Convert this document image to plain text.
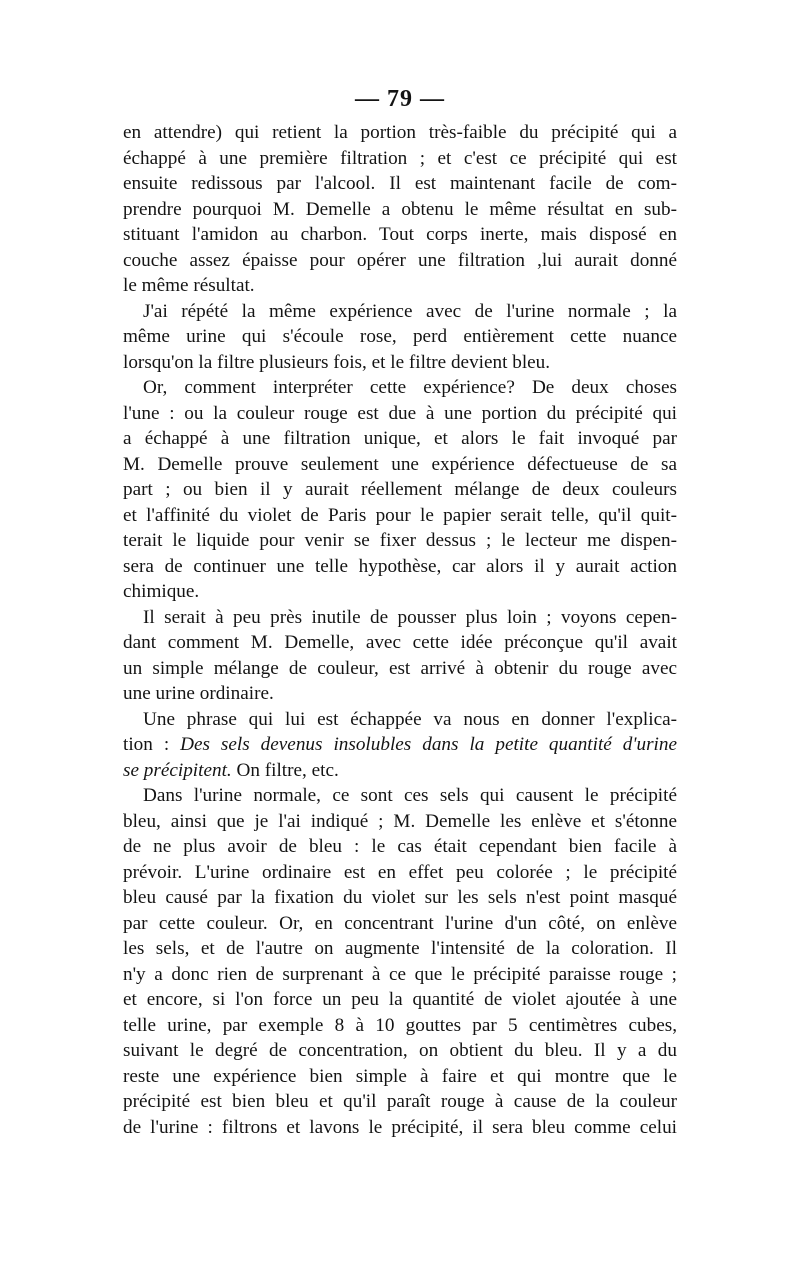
— 79 —

en attendre) qui retient la portion très-faible du précipité qui a
échappé à une première filtration ; et c'est ce précipité qui est
ensuite redissous par l'alcool. Il est maintenant facile de com-
prendre pourquoi M. Demelle a obtenu le même résultat en sub-
stituant l'amidon au charbon. Tout corps inerte, mais disposé en
couche assez épaisse pour opérer une filtration ,lui aurait donné
le même résultat.

J'ai répété la même expérience avec de l'urine normale ; la
même urine qui s'écoule rose, perd entièrement cette nuance
lorsqu'on la filtre plusieurs fois, et le filtre devient bleu.

Or, comment interpréter cette expérience? De deux choses
l'une : ou la couleur rouge est due à une portion du précipité qui
a échappé à une filtration unique, et alors le fait invoqué par
M. Demelle prouve seulement une expérience défectueuse de sa
part ; ou bien il y aurait réellement mélange de deux couleurs
et l'affinité du violet de Paris pour le papier serait telle, qu'il quit-
terait le liquide pour venir se fixer dessus ; le lecteur me dispen-
sera de continuer une telle hypothèse, car alors il y aurait action
chimique.

Il serait à peu près inutile de pousser plus loin ; voyons cepen-
dant comment M. Demelle, avec cette idée préconçue qu'il avait
un simple mélange de couleur, est arrivé à obtenir du rouge avec
une urine ordinaire.

Une phrase qui lui est échappée va nous en donner l'explica-
tion : Des sels devenus insolubles dans la petite quantité d'urine
se précipitent. On filtre, etc.

Dans l'urine normale, ce sont ces sels qui causent le précipité
bleu, ainsi que je l'ai indiqué ; M. Demelle les enlève et s'étonne
de ne plus avoir de bleu : le cas était cependant bien facile à
prévoir. L'urine ordinaire est en effet peu colorée ; le précipité
bleu causé par la fixation du violet sur les sels n'est point masqué
par cette couleur. Or, en concentrant l'urine d'un côté, on enlève
les sels, et de l'autre on augmente l'intensité de la coloration. Il
n'y a donc rien de surprenant à ce que le précipité paraisse rouge ;
et encore, si l'on force un peu la quantité de violet ajoutée à une
telle urine, par exemple 8 à 10 gouttes par 5 centimètres cubes,
suivant le degré de concentration, on obtient du bleu. Il y a du
reste une expérience bien simple à faire et qui montre que le
précipité est bien bleu et qu'il paraît rouge à cause de la couleur
de l'urine : filtrons et lavons le précipité, il sera bleu comme celui
